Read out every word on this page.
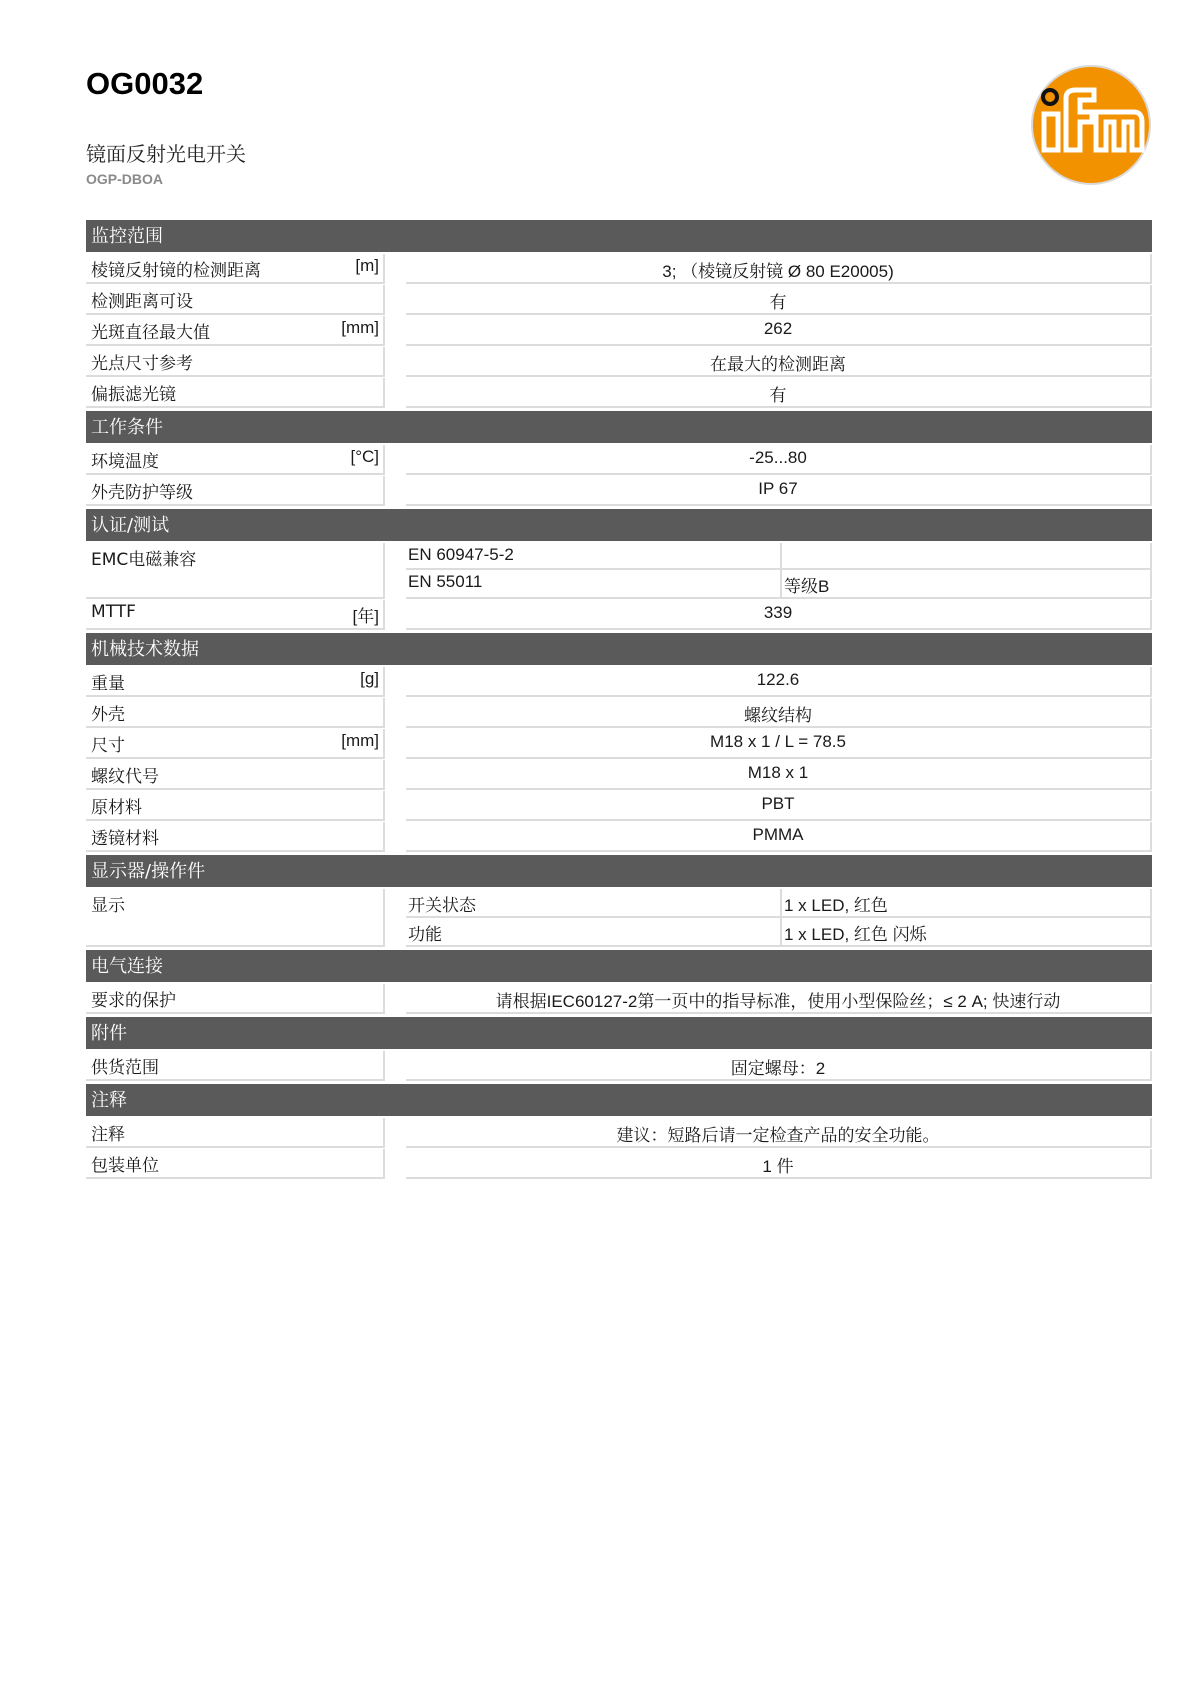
OG0032
镜面反射光电开关
OGP-DBOA
监控范围
棱镜反射镜的检测距离	[m]	3; （棱镜反射镜 Ø 80 E20005)
检测距离可设	有
光斑直径最大值	[mm]	262
光点尺寸参考	在最大的检测距离
偏振滤光镜	有
工作条件
环境温度	[°C]	-25...80
外壳防护等级	IP 67
认证/测试
EMC电磁兼容	EN 60947-5-2
EN 55011	等级B
MTTF	[年]	339
机械技术数据
重量	[g]	122.6
外壳	螺纹结构
尺寸	[mm]	M18 x 1 / L = 78.5
螺纹代号	M18 x 1
原材料	PBT
透镜材料	PMMA
显示器/操作件
显示	开关状态	1 x LED, 红色
功能	1 x LED, 红色 闪烁
电气连接
要求的保护	请根据IEC60127-2第一页中的指导标准，使用小型保险丝；≤ 2 A; 快速行动
附件
供货范围	固定螺母：2
注释
注释	建议：短路后请一定检查产品的安全功能。
包装单位	1 件
